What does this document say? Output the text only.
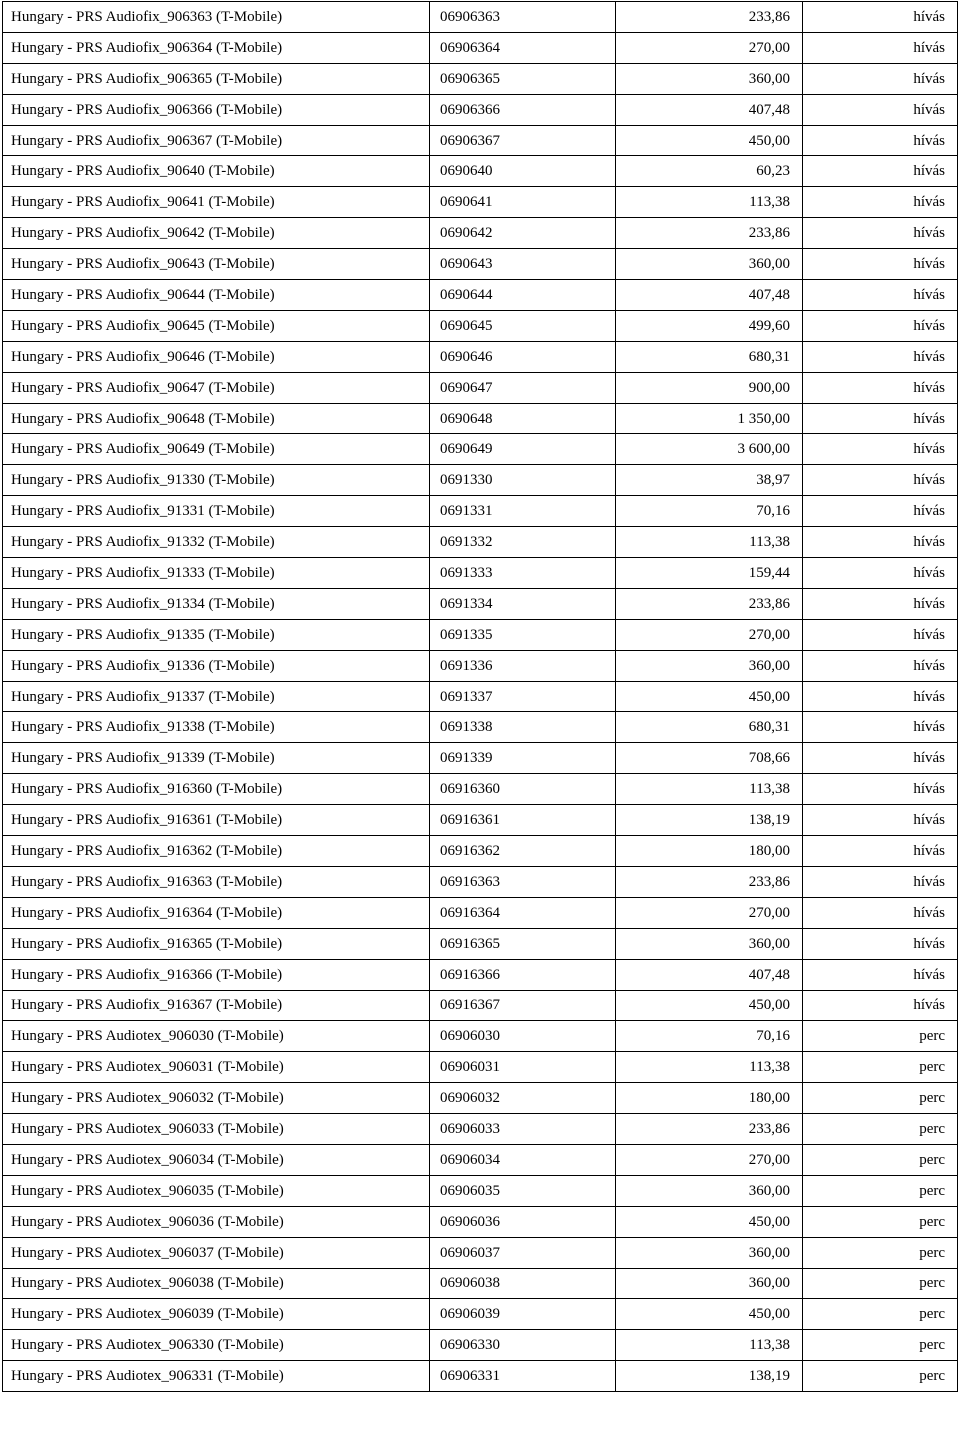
Hungary - PRS Audiofix_906363 (T-Mobile)	06906363	233,86	hívás
Hungary - PRS Audiofix_906364 (T-Mobile)	06906364	270,00	hívás
Hungary - PRS Audiofix_906365 (T-Mobile)	06906365	360,00	hívás
Hungary - PRS Audiofix_906366 (T-Mobile)	06906366	407,48	hívás
Hungary - PRS Audiofix_906367 (T-Mobile)	06906367	450,00	hívás
Hungary - PRS Audiofix_90640 (T-Mobile)	0690640	60,23	hívás
Hungary - PRS Audiofix_90641 (T-Mobile)	0690641	113,38	hívás
Hungary - PRS Audiofix_90642 (T-Mobile)	0690642	233,86	hívás
Hungary - PRS Audiofix_90643 (T-Mobile)	0690643	360,00	hívás
Hungary - PRS Audiofix_90644 (T-Mobile)	0690644	407,48	hívás
Hungary - PRS Audiofix_90645 (T-Mobile)	0690645	499,60	hívás
Hungary - PRS Audiofix_90646 (T-Mobile)	0690646	680,31	hívás
Hungary - PRS Audiofix_90647 (T-Mobile)	0690647	900,00	hívás
Hungary - PRS Audiofix_90648 (T-Mobile)	0690648	1 350,00	hívás
Hungary - PRS Audiofix_90649 (T-Mobile)	0690649	3 600,00	hívás
Hungary - PRS Audiofix_91330 (T-Mobile)	0691330	38,97	hívás
Hungary - PRS Audiofix_91331 (T-Mobile)	0691331	70,16	hívás
Hungary - PRS Audiofix_91332 (T-Mobile)	0691332	113,38	hívás
Hungary - PRS Audiofix_91333 (T-Mobile)	0691333	159,44	hívás
Hungary - PRS Audiofix_91334 (T-Mobile)	0691334	233,86	hívás
Hungary - PRS Audiofix_91335 (T-Mobile)	0691335	270,00	hívás
Hungary - PRS Audiofix_91336 (T-Mobile)	0691336	360,00	hívás
Hungary - PRS Audiofix_91337 (T-Mobile)	0691337	450,00	hívás
Hungary - PRS Audiofix_91338 (T-Mobile)	0691338	680,31	hívás
Hungary - PRS Audiofix_91339 (T-Mobile)	0691339	708,66	hívás
Hungary - PRS Audiofix_916360 (T-Mobile)	06916360	113,38	hívás
Hungary - PRS Audiofix_916361 (T-Mobile)	06916361	138,19	hívás
Hungary - PRS Audiofix_916362 (T-Mobile)	06916362	180,00	hívás
Hungary - PRS Audiofix_916363 (T-Mobile)	06916363	233,86	hívás
Hungary - PRS Audiofix_916364 (T-Mobile)	06916364	270,00	hívás
Hungary - PRS Audiofix_916365 (T-Mobile)	06916365	360,00	hívás
Hungary - PRS Audiofix_916366 (T-Mobile)	06916366	407,48	hívás
Hungary - PRS Audiofix_916367 (T-Mobile)	06916367	450,00	hívás
Hungary - PRS Audiotex_906030 (T-Mobile)	06906030	70,16	perc
Hungary - PRS Audiotex_906031 (T-Mobile)	06906031	113,38	perc
Hungary - PRS Audiotex_906032 (T-Mobile)	06906032	180,00	perc
Hungary - PRS Audiotex_906033 (T-Mobile)	06906033	233,86	perc
Hungary - PRS Audiotex_906034 (T-Mobile)	06906034	270,00	perc
Hungary - PRS Audiotex_906035 (T-Mobile)	06906035	360,00	perc
Hungary - PRS Audiotex_906036 (T-Mobile)	06906036	450,00	perc
Hungary - PRS Audiotex_906037 (T-Mobile)	06906037	360,00	perc
Hungary - PRS Audiotex_906038 (T-Mobile)	06906038	360,00	perc
Hungary - PRS Audiotex_906039 (T-Mobile)	06906039	450,00	perc
Hungary - PRS Audiotex_906330 (T-Mobile)	06906330	113,38	perc
Hungary - PRS Audiotex_906331 (T-Mobile)	06906331	138,19	perc
